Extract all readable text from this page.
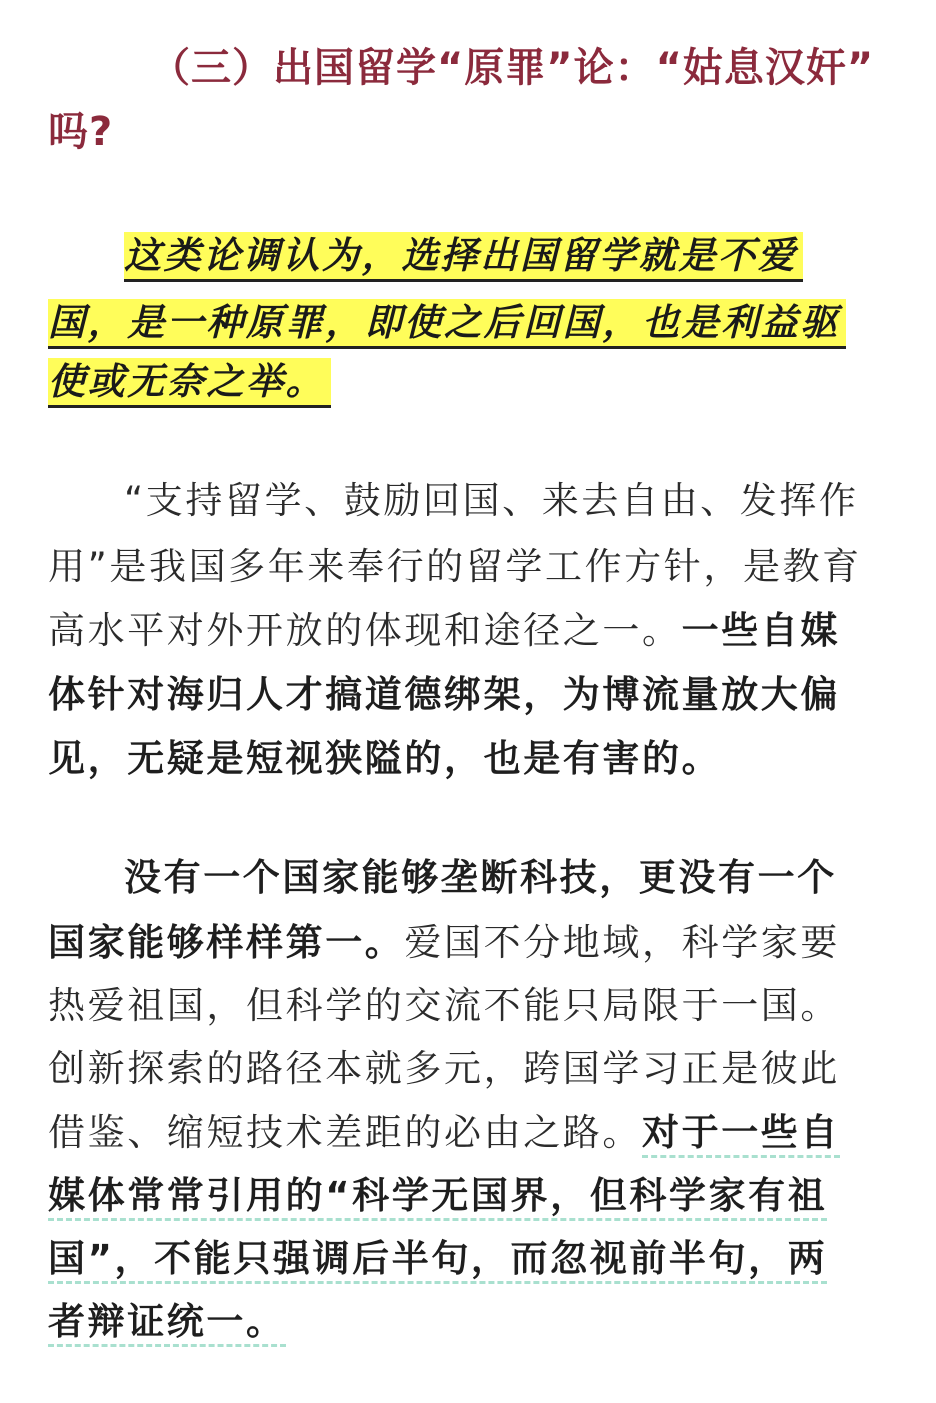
（三）出国留学“原罪”论：“姑息汉奸”
吗?
这类论调认为，选择出国留学就是不爱
国，是一种原罪，即使之后回国，也是利益驱
使或无奈之举。
“支持留学、鼓励回国、来去自由、发挥作
用”是我国多年来奉行的留学工作方针，是教育
高水平对外开放的体现和途径之一。一些自媒
体针对海归人才搞道德绑架，为博流量放大偏
见，无疑是短视狭隘的，也是有害的。
没有一个国家能够垄断科技，更没有一个
国家能够样样第一。爱国不分地域，科学家要
热爱祖国，但科学的交流不能只局限于一国。
创新探索的路径本就多元，跨国学习正是彼此
借鉴、缩短技术差距的必由之路。对于一些自
媒体常常引用的“科学无国界，但科学家有祖
国”，不能只强调后半句，而忽视前半句，两
者辩证统一。
